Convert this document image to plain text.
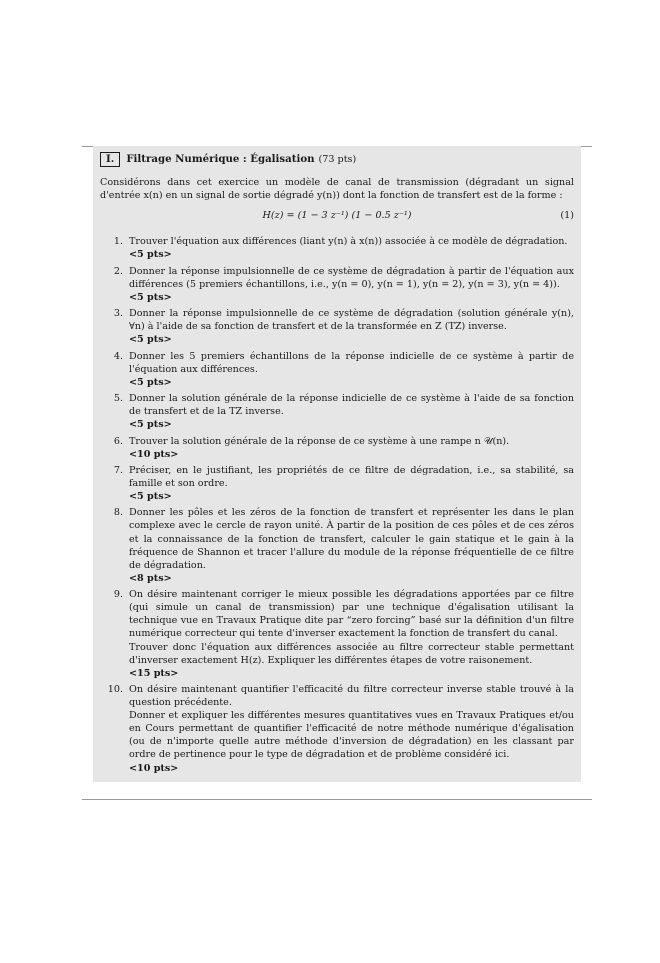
I.	Filtrage Numérique : Égalisation (73 pts)

Considérons dans cet exercice un modèle de canal de transmission (dégradant un signal d'entrée x(n) en un signal de sortie dégradé y(n)) dont la fonction de transfert est de la forme :

H(z) = (1 − 3 z⁻¹) (1 − 0.5 z⁻¹)	(1)
1. Trouver l'équation aux différences (liant y(n) à x(n)) associée à ce modèle de dégradation.
<5 pts>
2. Donner la réponse impulsionnelle de ce système de dégradation à partir de l'équation aux différences (5 premiers échantillons, i.e., y(n = 0), y(n = 1), y(n = 2), y(n = 3), y(n = 4)).
<5 pts>
3. Donner la réponse impulsionnelle de ce système de dégradation (solution générale y(n), ∀n) à l'aide de sa fonction de transfert et de la transformée en Z (TZ) inverse.
<5 pts>
4. Donner les 5 premiers échantillons de la réponse indicielle de ce système à partir de l'équation aux différences.
<5 pts>
5. Donner la solution générale de la réponse indicielle de ce système à l'aide de sa fonction de transfert et de la TZ inverse.
<5 pts>
6. Trouver la solution générale de la réponse de ce système à une rampe n 𝒰(n).
<10 pts>
7. Préciser, en le justifiant, les propriétés de ce filtre de dégradation, i.e., sa stabilité, sa famille et son ordre.
<5 pts>
8. Donner les pôles et les zéros de la fonction de transfert et représenter les dans le plan complexe avec le cercle de rayon unité. À partir de la position de ces pôles et de ces zéros et la connaissance de la fonction de transfert, calculer le gain statique et le gain à la fréquence de Shannon et tracer l'allure du module de la réponse fréquentielle de ce filtre de dégradation.
<8 pts>
9. On désire maintenant corriger le mieux possible les dégradations apportées par ce filtre (qui simule un canal de transmission) par une technique d'égalisation utilisant la technique vue en Travaux Pratique dite par “zero forcing” basé sur la définition d'un filtre numérique correcteur qui tente d'inverser exactement la fonction de transfert du canal.
Trouver donc l'équation aux différences associée au filtre correcteur stable permettant d'inverser exactement H(z). Expliquer les différentes étapes de votre raisonement.
<15 pts>
10. On désire maintenant quantifier l'efficacité du filtre correcteur inverse stable trouvé à la question précédente.
Donner et expliquer les différentes mesures quantitatives vues en Travaux Pratiques et/ou en Cours permettant de quantifier l'efficacité de notre méthode numérique d'égalisation (ou de n'importe quelle autre méthode d'inversion de dégradation) en les classant par ordre de pertinence pour le type de dégradation et de problème considéré ici.
<10 pts>
